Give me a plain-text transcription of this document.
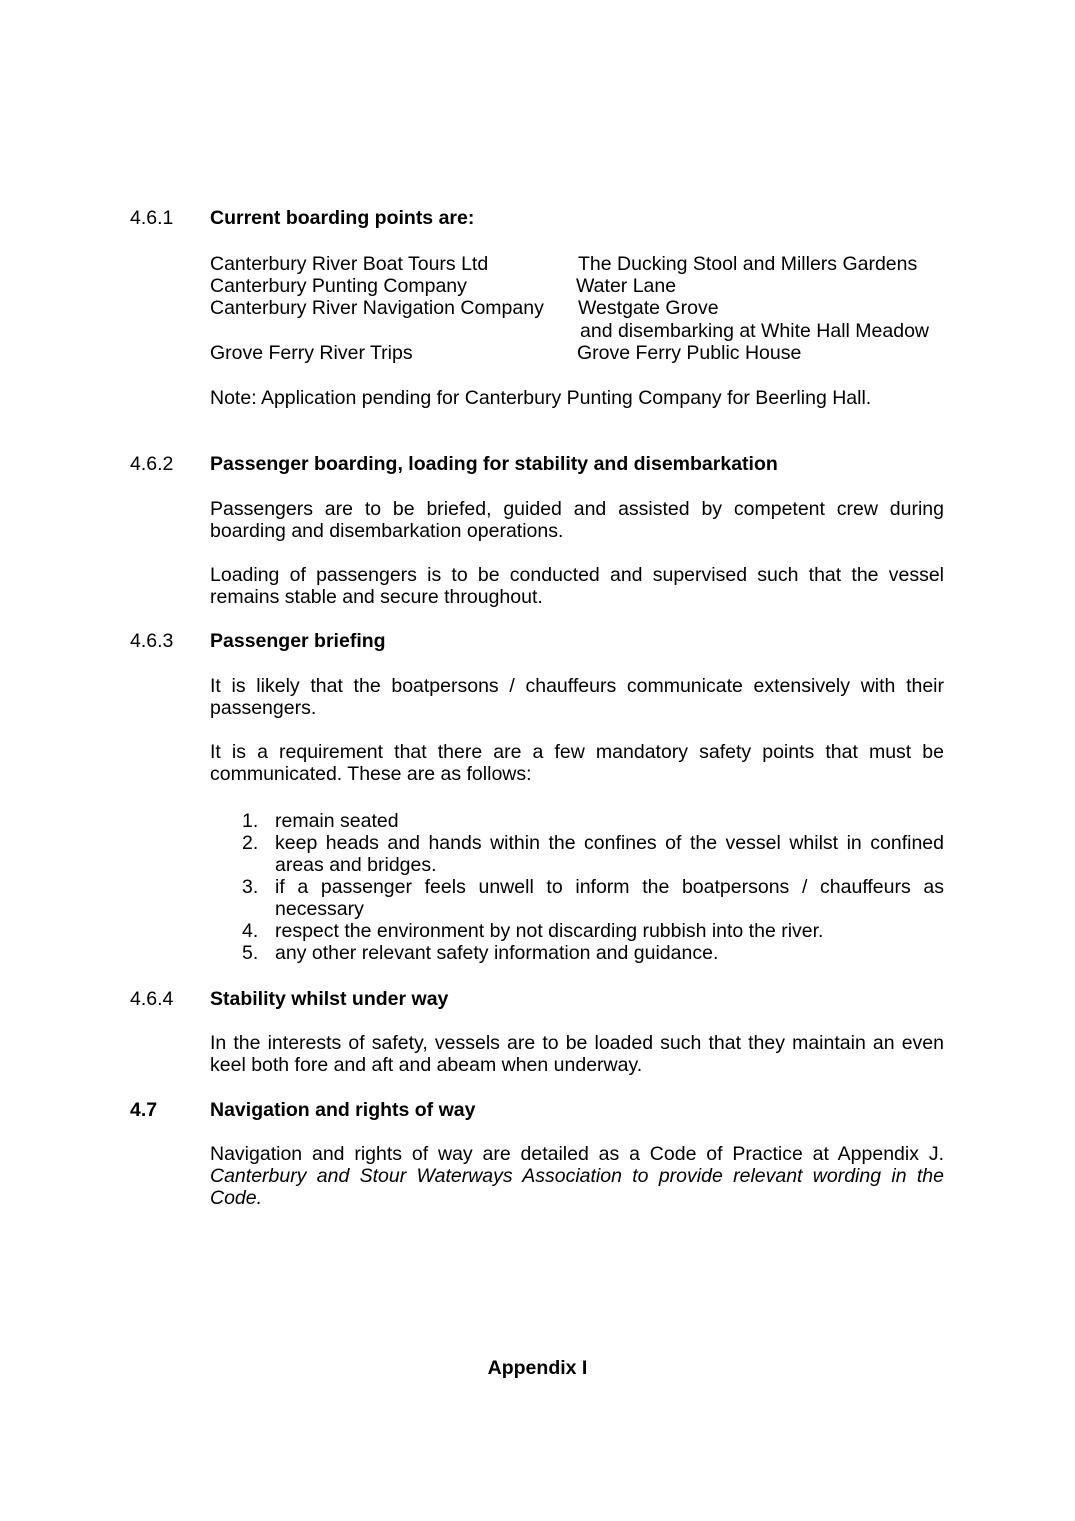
4.6.1 Current boarding points are:
Canterbury River Boat Tours Ltd	The Ducking Stool and Millers Gardens
Canterbury Punting Company	Water Lane
Canterbury River Navigation Company Westgate Grove
and disembarking at White Hall Meadow
Grove Ferry River Trips	Grove Ferry Public House
Note: Application pending for Canterbury Punting Company for Beerling Hall.
4.6.2 Passenger boarding, loading for stability and disembarkation
Passengers are to be briefed, guided and assisted by competent crew during boarding and disembarkation operations.
Loading of passengers is to be conducted and supervised such that the vessel remains stable and secure throughout.
4.6.3 Passenger briefing
It is likely that the boatpersons / chauffeurs communicate extensively with their passengers.
It is a requirement that there are a few mandatory safety points that must be communicated. These are as follows:
1. remain seated
2. keep heads and hands within the confines of the vessel whilst in confined areas and bridges.
3. if a passenger feels unwell to inform the boatpersons / chauffeurs as necessary
4. respect the environment by not discarding rubbish into the river.
5. any other relevant safety information and guidance.
4.6.4 Stability whilst under way
In the interests of safety, vessels are to be loaded such that they maintain an even keel both fore and aft and abeam when underway.
4.7	Navigation and rights of way
Navigation and rights of way are detailed as a Code of Practice at Appendix J. Canterbury and Stour Waterways Association to provide relevant wording in the Code.
Appendix I
